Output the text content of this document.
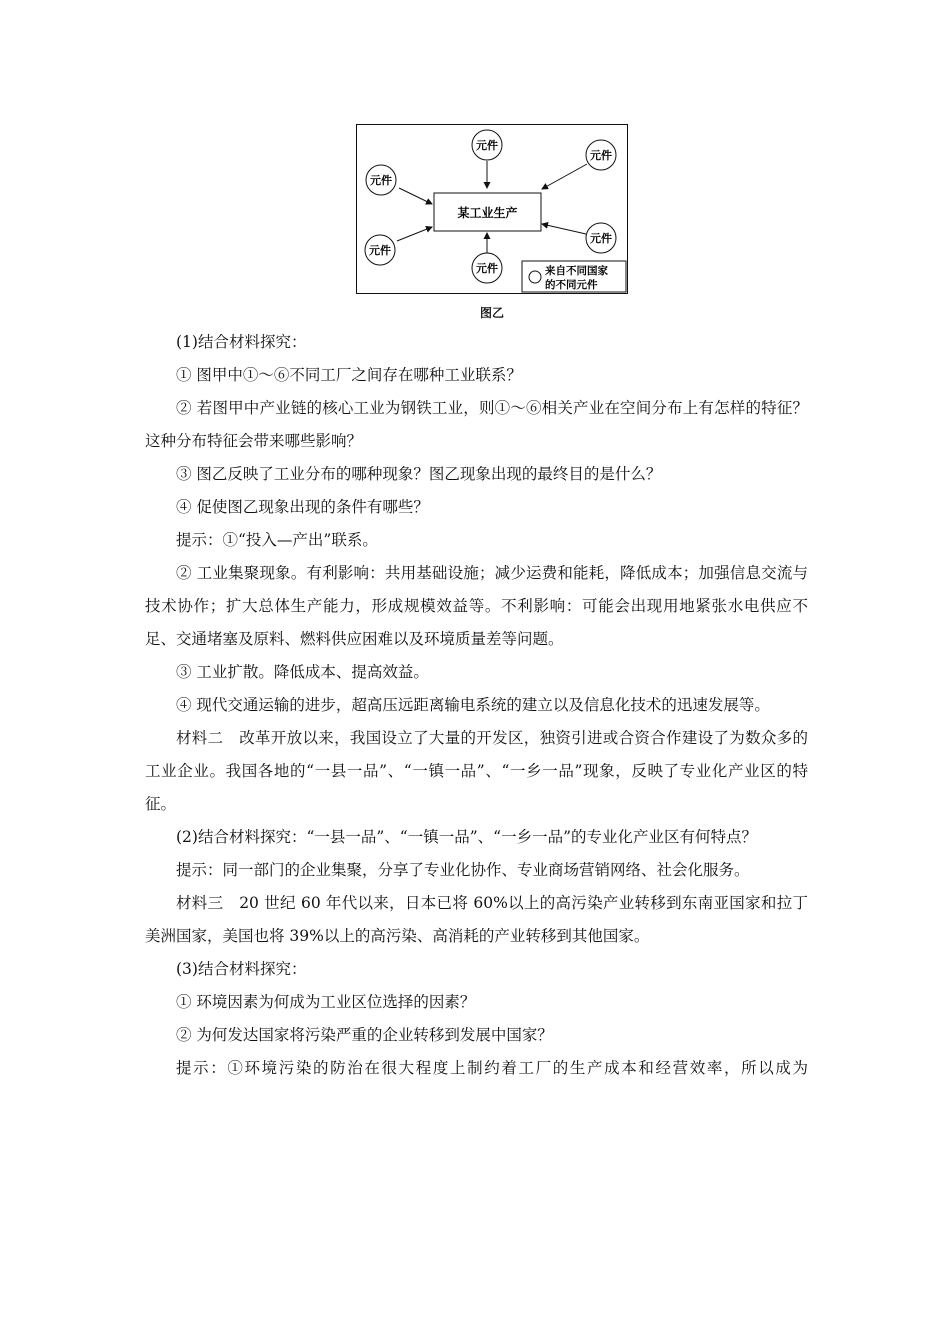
某工业生产
元件
元件
元件
元件
元件
元件	来自不同国家
的不同元件
图乙

(1)结合材料探究：

① 图甲中①～⑥不同工厂之间存在哪种工业联系？

② 若图甲中产业链的核心工业为钢铁工业，则①～⑥相关产业在空间分布上有怎样的特征？这种分布特征会带来哪些影响？

③ 图乙反映了工业分布的哪种现象？图乙现象出现的最终目的是什么？

④ 促使图乙现象出现的条件有哪些？

提示：①“投入—产出”联系。

② 工业集聚现象。有利影响：共用基础设施；减少运费和能耗，降低成本；加强信息交流与技术协作；扩大总体生产能力，形成规模效益等。不利影响：可能会出现用地紧张水电供应不足、交通堵塞及原料、燃料供应困难以及环境质量差等问题。

③ 工业扩散。降低成本、提高效益。

④ 现代交通运输的进步，超高压远距离输电系统的建立以及信息化技术的迅速发展等。

材料二　改革开放以来，我国设立了大量的开发区，独资引进或合资合作建设了为数众多的工业企业。我国各地的“一县一品”、“一镇一品”、“一乡一品”现象，反映了专业化产业区的特征。

(2)结合材料探究：“一县一品”、“一镇一品”、“一乡一品”的专业化产业区有何特点？

提示：同一部门的企业集聚，分享了专业化协作、专业商场营销网络、社会化服务。

材料三　20 世纪 60 年代以来，日本已将 60%以上的高污染产业转移到东南亚国家和拉丁美洲国家，美国也将 39%以上的高污染、高消耗的产业转移到其他国家。

(3)结合材料探究：

① 环境因素为何成为工业区位选择的因素？

② 为何发达国家将污染严重的企业转移到发展中国家？

提示：①环境污染的防治在很大程度上制约着工厂的生产成本和经营效率，所以成为
